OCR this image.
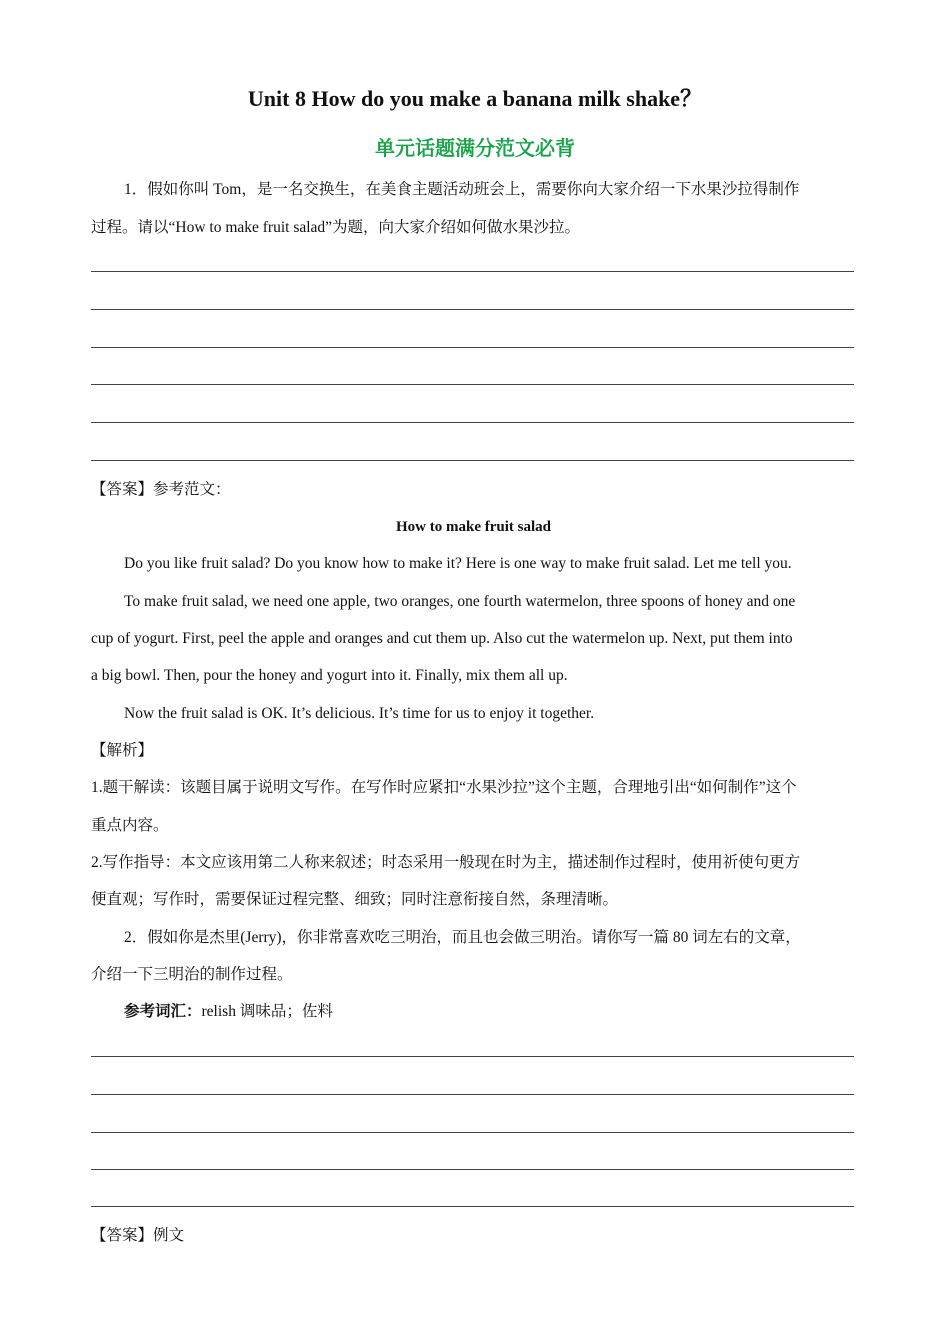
Unit 8 How do you make a banana milk shake？
单元话题满分范文必背
1．假如你叫 Tom，是一名交换生，在美食主题活动班会上，需要你向大家介绍一下水果沙拉得制作
过程。请以“How to make fruit salad”为题，向大家介绍如何做水果沙拉。
【答案】参考范文：
How to make fruit salad
Do you like fruit salad? Do you know how to make it? Here is one way to make fruit salad. Let me tell you.
To make fruit salad, we need one apple, two oranges, one fourth watermelon, three spoons of honey and one
cup of yogurt. First, peel the apple and oranges and cut them up. Also cut the watermelon up. Next, put them into
a big bowl. Then, pour the honey and yogurt into it. Finally, mix them all up.
Now the fruit salad is OK. It’s delicious. It’s time for us to enjoy it together.
【解析】
1.题干解读：该题目属于说明文写作。在写作时应紧扣“水果沙拉”这个主题，合理地引出“如何制作”这个
重点内容。
2.写作指导：本文应该用第二人称来叙述；时态采用一般现在时为主，描述制作过程时，使用祈使句更方
便直观；写作时，需要保证过程完整、细致；同时注意衔接自然，条理清晰。
2．假如你是杰里(Jerry)，你非常喜欢吃三明治，而且也会做三明治。请你写一篇 80 词左右的文章，
介绍一下三明治的制作过程。
参考词汇：relish 调味品；佐料
【答案】例文
